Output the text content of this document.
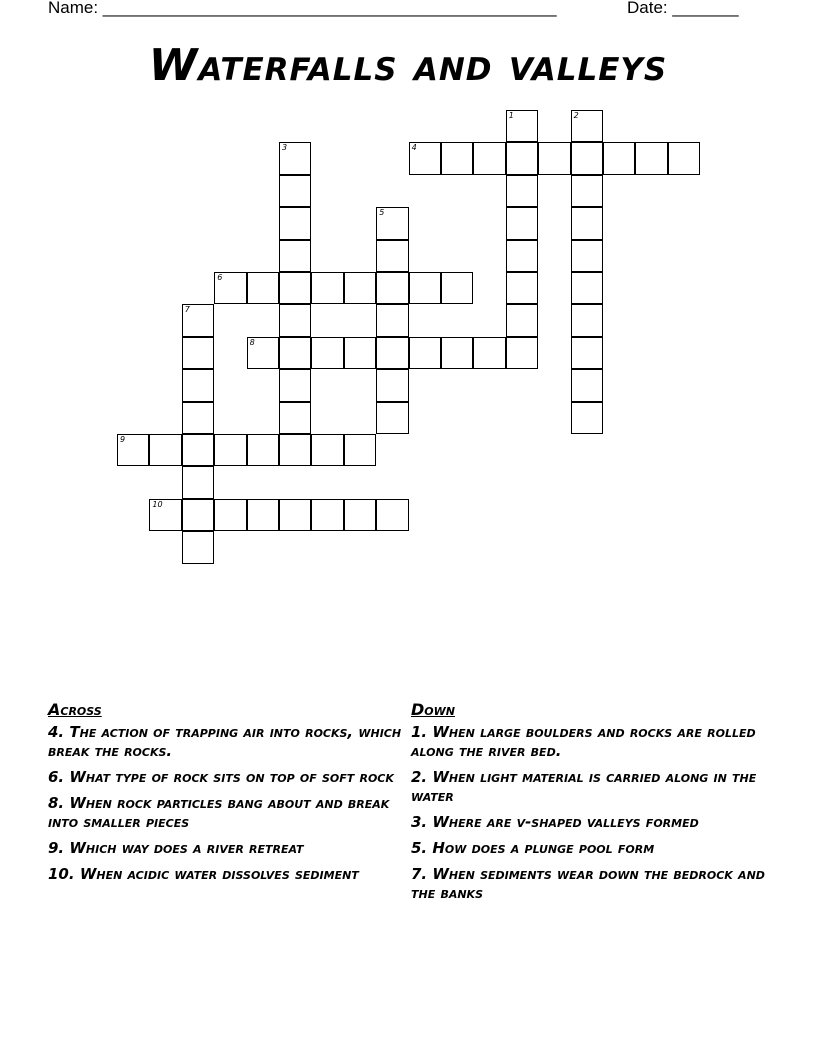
Name: ________________________________________________	Date: _______
Waterfalls and valleys
1	2
3	4
5
6
7
8
9
10
Across
4. The action of trapping air into rocks, which break the rocks.
6. What type of rock sits on top of soft rock
8. When rock particles bang about and break into smaller pieces
9. Which way does a river retreat
10. When acidic water dissolves sediment
Down
1. When large boulders and rocks are rolled along the river bed.
2. When light material is carried along in the water
3. Where are v-shaped valleys formed
5. How does a plunge pool form
7. When sediments wear down the bedrock and the banks
